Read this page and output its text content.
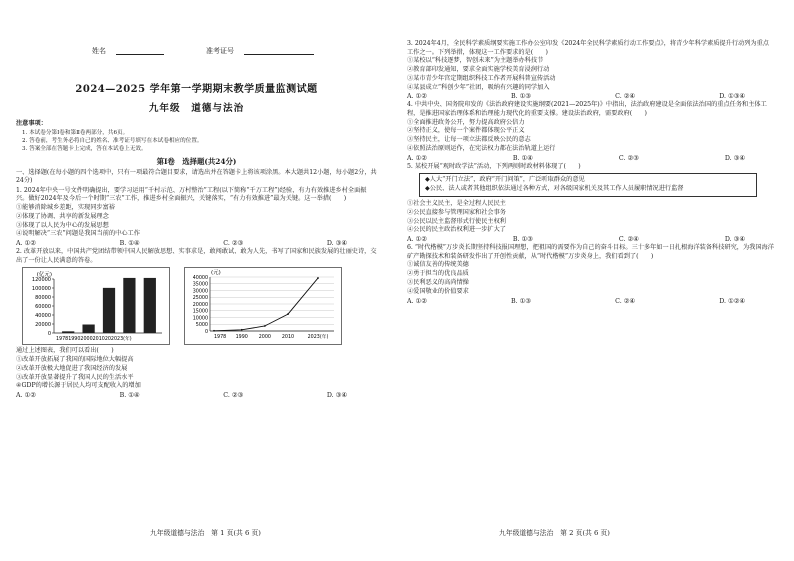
姓名	准考证号
2024—2025 学年第一学期期末教学质量监测试题
九年级　道德与法治
注意事项：
1. 本试卷分第Ⅰ卷和第Ⅱ卷两部分，共6页。
2. 答卷前，考生务必将自己的姓名、准考证号填写在本试卷相应的位置。
3. 答案全部在答题卡上完成，答在本试卷上无效。
第Ⅰ卷　选择题(共24分)
一、选择题(在每小题的四个选项中，只有一项最符合题目要求，请选出并在答题卡上将该项涂黑。本大题共12小题，每小题2分，共24分)
1. 2024年中央一号文件明确提出，要学习运用“千村示范、万村整治”工程(以下简称“千万工程”)经验，有力有效推进乡村全面振兴。做好2024年及今后一个时期“三农”工作，推进乡村全面振兴，关键落实，“有力有效推进”最为关键。这一举措(　　)
①能够消除城乡差距，实现同步富裕
②体现了协调、共享的新发展理念
③体现了以人民为中心的发展思想
④说明解决“三农”问题是我国当前的中心工作
A. ①②	B. ①④	C. ②③	D. ③④
2. 改革开放以来，中国共产党团结带领中国人民解放思想、实事求是，敢闯敢试、敢为人先，书写了国家和民族发展的壮丽史诗，交出了一份让人民满意的答卷。
(亿元)
120000
100000
80000
60000
40000
20000
0
1978199020002010202023(年)
(元)
40000
35000
30000
25000
20000
15000
10000
5000
0
1978 1990 2000 2010	2023(年)
通过上述图表，我们可以看出(　　)
①改革开放拓展了我国的国际地位大幅提高
②改革开放极大地促进了我国经济的发展
③改革开放显著提升了我国人民的生活水平
④GDP的增长源于居民人均可支配收入的增加
A. ①②	B. ①④	C. ②③	D. ③④
九年级道德与法治　第 1 页(共 6 页)
3. 2024年4月，全民科学素质纲要实施工作办公室印发《2024年全民科学素质行动工作要点》，将青少年科学素质提升行动列为重点工作之一。下列举措，体现这一工作要求的是(　　)
①某校以“科技逐梦，智创未来”为主题举办科技节
②教育部印发通知，要求全面实施学校美育浸润行动
③某市青少年宫定期组织科技工作者开展科普宣传活动
④某县成立“科创少年”社团，吸纳有兴趣的同学加入
A. ①②	B. ①③	C. ②④	D. ①③④
4. 中共中央、国务院印发的《法治政府建设实施纲要(2021—2025年)》中指出，法治政府建设是全面依法治国的重点任务和主体工程，是推进国家治理体系和治理能力现代化的重要支撑。建设法治政府，需要政府(　　)
①全面推进政务公开，努力提高政府公信力
②坚持正义，使每一个案件都体现公平正义
③坚持民主，让每一项立法都反映公民的意志
④依照法治原则运作，在宪法权力都在法治轨道上运行
A. ①②	B. ①④	C. ②③	D. ③④
5. 某校开展“观时政学法”活动，下列两则时政材料体现了(　　)
◆人大“开门立法”，政府“开门问策”，广泛听取群众的意见
◆公民、法人或者其他组织依法通过各种方式，对各级国家机关及其工作人员履职情况进行监督
①社会主义民主，是全过程人民民主
②公民直接参与管理国家和社会事务
③公民以民主监督形式行使民主权利
④公民的民主政治权利进一步扩大了
A. ①②	B. ①③	C. ②④	D. ③④
6. “时代楷模”万步炎长期坚持科技报国理想，把祖国的需要作为自己的奋斗目标。三十多年如一日扎根海洋装备科技研究，为我国海洋矿产勘探技术和装备研发作出了开创性贡献，从“时代楷模”万步炎身上，我们看到了(　　)
①诚信友善的传统美德
②勇于担当的优良品质
③民利恶义的高尚情操
④爱国敬业的价值要求
A. ①②	B. ①③	C. ②④	D. ①②④
九年级道德与法治　第 2 页(共 6 页)
